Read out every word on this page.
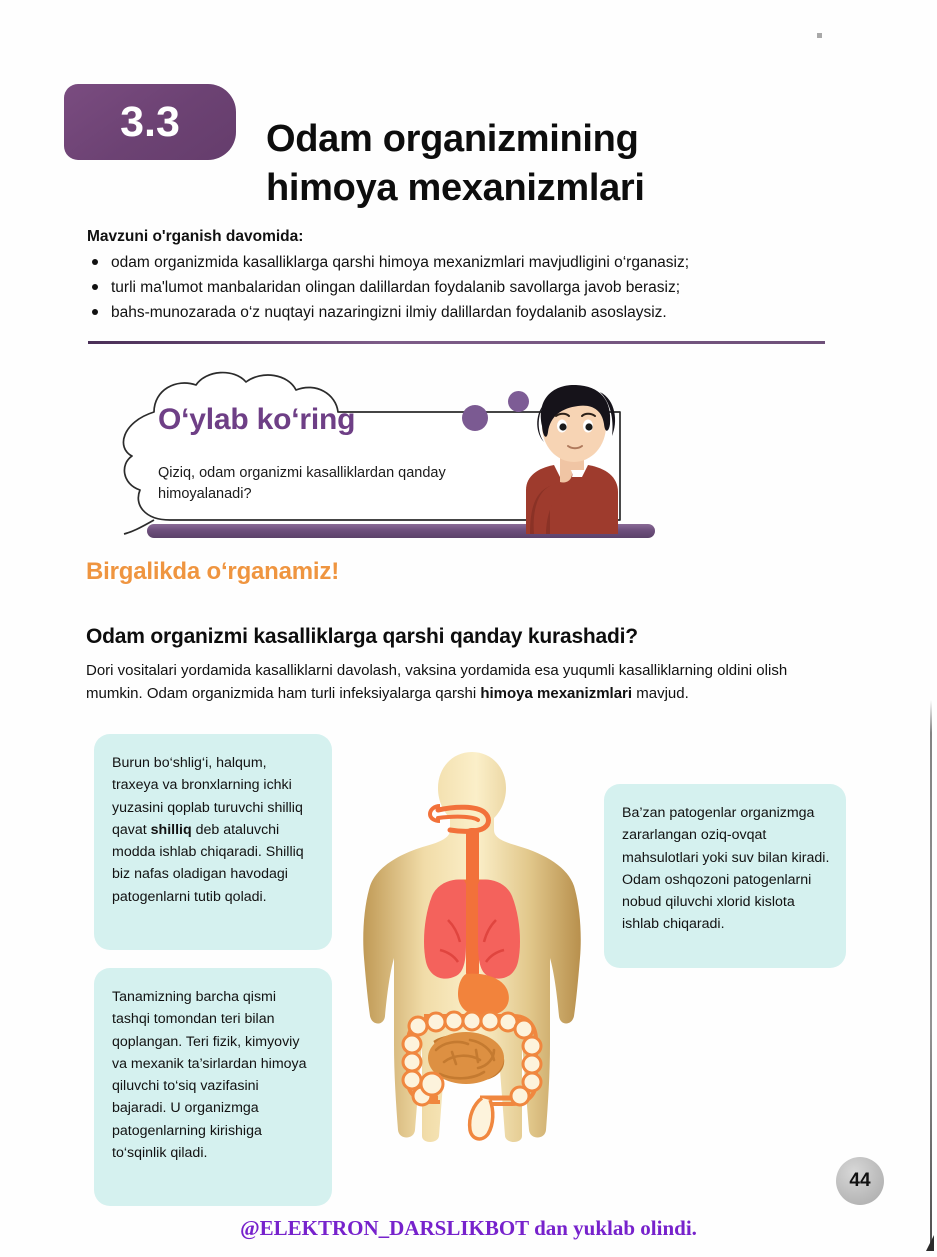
3.3 Odam organizmining
himoya mexanizmlari
Mavzuni o'rganish davomida:
odam organizmida kasalliklarga qarshi himoya mexanizmlari mavjudligini o‘rganasiz;
turli ma'lumot manbalaridan olingan dalillardan foydalanib savollarga javob berasiz;
bahs-munozarada o‘z nuqtayi nazaringizni ilmiy dalillardan foydalanib asoslaysiz.
O‘ylab ko‘ring
Qiziq, odam organizmi kasalliklardan qanday himoyalanadi?
Birgalikda o‘rganamiz!
Odam organizmi kasalliklarga qarshi qanday kurashadi?

Dori vositalari yordamida kasalliklarni davolash, vaksina yordamida esa yuqumli kasalliklarning oldini olish mumkin. Odam organizmida ham turli infeksiyalarga qarshi himoya mexanizmlari mavjud.

Burun bo‘shlig‘i, halqum, traxeya va bronxlarning ichki yuzasini qoplab turuvchi shilliq qavat shilliq deb ataluvchi modda ishlab chiqaradi. Shilliq biz nafas oladigan havodagi patogenlarni tutib qoladi.
Tanamizning barcha qismi tashqi tomondan teri bilan qoplangan. Teri fizik, kimyoviy va mexanik ta’sirlardan himoya qiluvchi to‘siq vazifasini bajaradi. U organizmga patogenlarning kirishiga to‘sqinlik qiladi.
Ba’zan patogenlar organizmga zararlangan oziq-ovqat mahsulotlari yoki suv bilan kiradi. Odam oshqozoni patogenlarni nobud qiluvchi xlorid kislota ishlab chiqaradi.
44
@ELEKTRON_DARSLIKBOT dan yuklab olindi.
